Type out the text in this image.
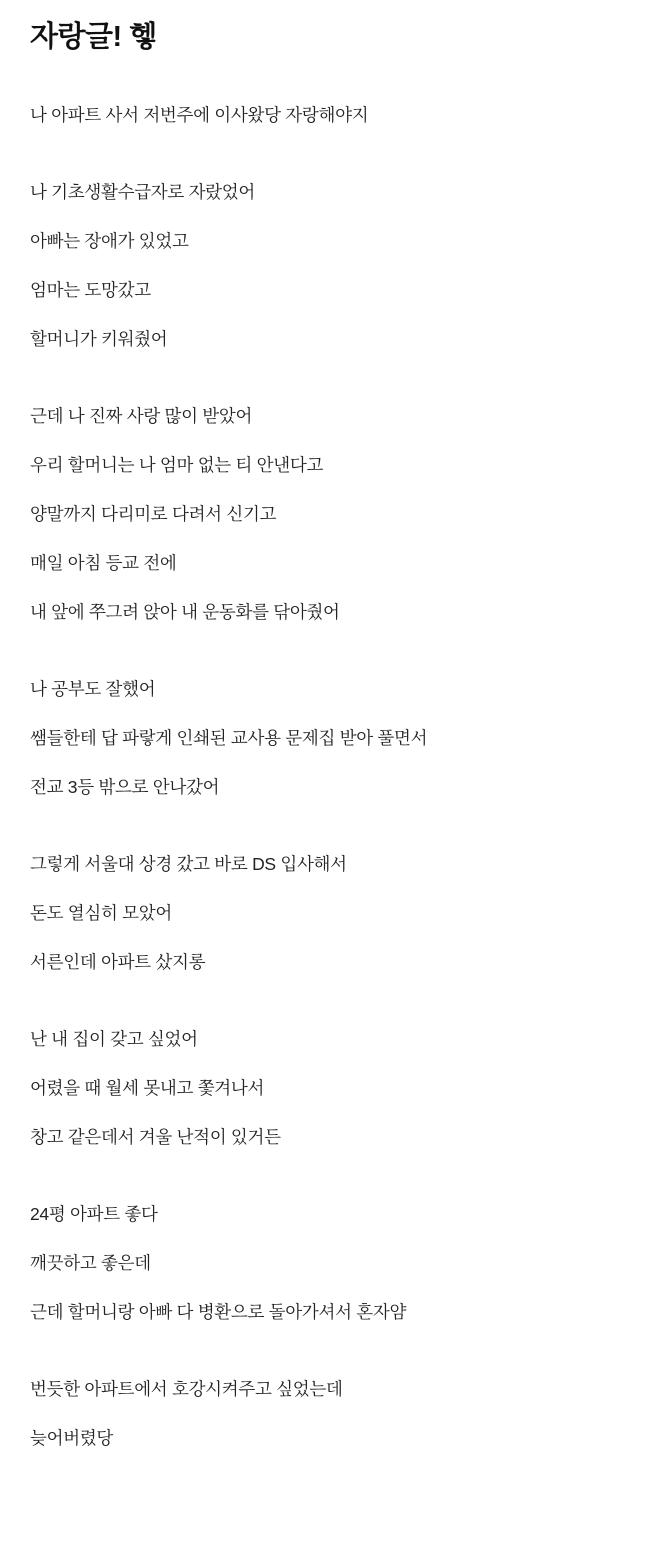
자랑글! 헿

나 아파트 사서 저번주에 이사왔당 자랑해야지

나 기초생활수급자로 자랐었어
아빠는 장애가 있었고
엄마는 도망갔고
할머니가 키워줬어

근데 나 진짜 사랑 많이 받았어
우리 할머니는 나 엄마 없는 티 안낸다고
양말까지 다리미로 다려서 신기고
매일 아침 등교 전에
내 앞에 쭈그려 앉아 내 운동화를 닦아줬어

나 공부도 잘했어
쌤들한테 답 파랗게 인쇄된 교사용 문제집 받아 풀면서
전교 3등 밖으로 안나갔어

그렇게 서울대 상경 갔고 바로 DS 입사해서
돈도 열심히 모았어
서른인데 아파트 샀지롱

난 내 집이 갖고 싶었어
어렸을 때 월세 못내고 쫓겨나서
창고 같은데서 겨울 난적이 있거든

24평 아파트 좋다
깨끗하고 좋은데
근데 할머니랑 아빠 다 병환으로 돌아가셔서 혼자얌

번듯한 아파트에서 호강시켜주고 싶었는데
늦어버렸당
